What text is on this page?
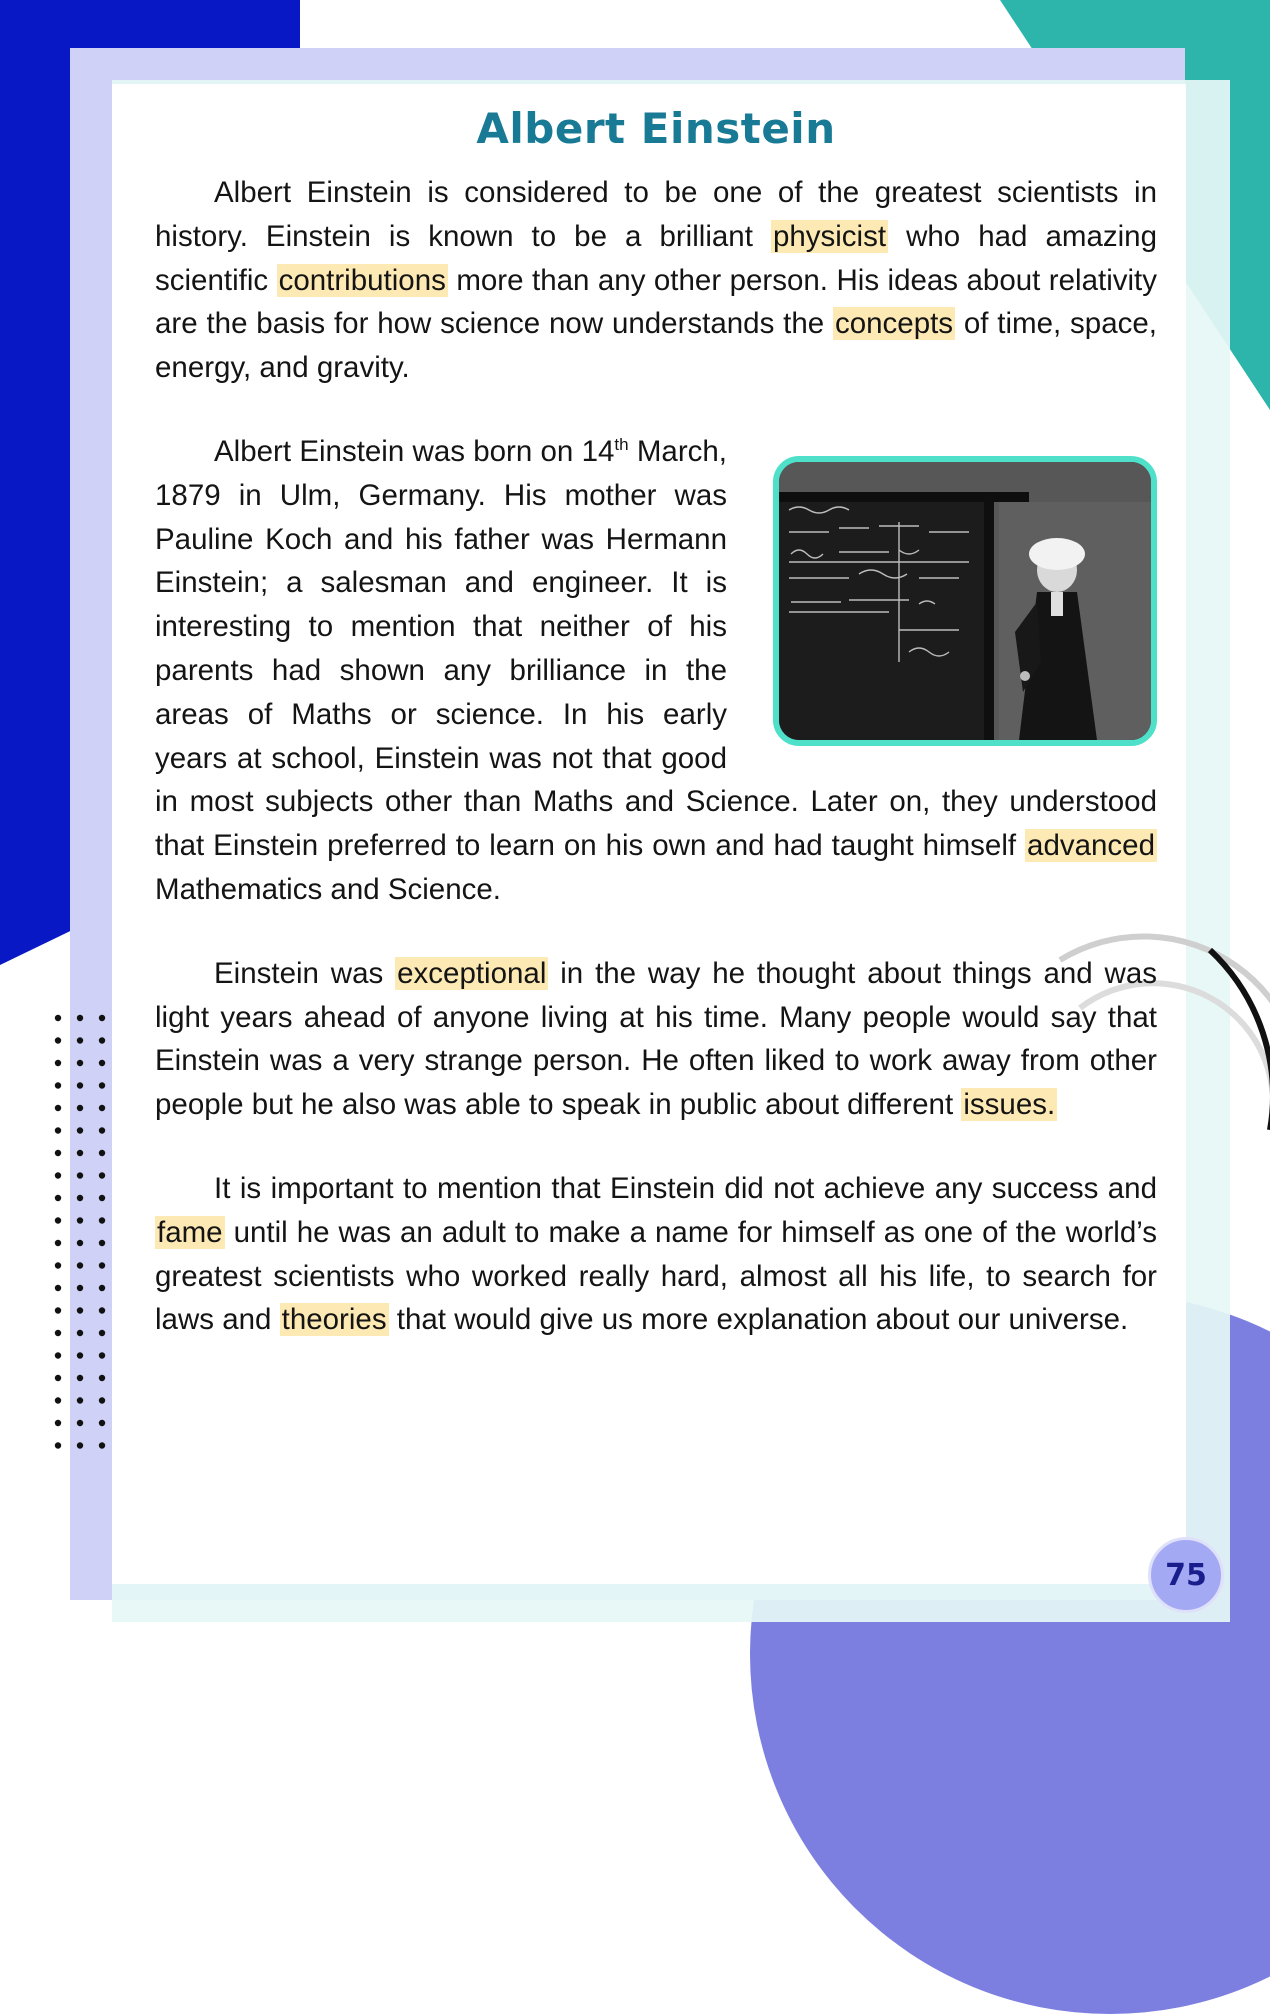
Albert Einstein

Albert Einstein is considered to be one of the greatest scientists in history. Einstein is known to be a brilliant physicist who had amazing scientific contributions more than any other person. His ideas about relativity are the basis for how science now understands the concepts of time, space, energy, and gravity.

Albert Einstein was born on 14th March, 1879 in Ulm, Germany. His mother was Pauline Koch and his father was Hermann Einstein; a salesman and engineer. It is interesting to mention that neither of his parents had shown any brilliance in the areas of Maths or science. In his early years at school, Einstein was not that good in most subjects other than Maths and Science. Later on, they understood that Einstein preferred to learn on his own and had taught himself advanced Mathematics and Science.

Einstein was exceptional in the way he thought about things and was light years ahead of anyone living at his time. Many people would say that Einstein was a very strange person. He often liked to work away from other people but he also was able to speak in public about different issues.

It is important to mention that Einstein did not achieve any success and fame until he was an adult to make a name for himself as one of the world’s greatest scientists who worked really hard, almost all his life, to search for laws and theories that would give us more explanation about our universe.

75
